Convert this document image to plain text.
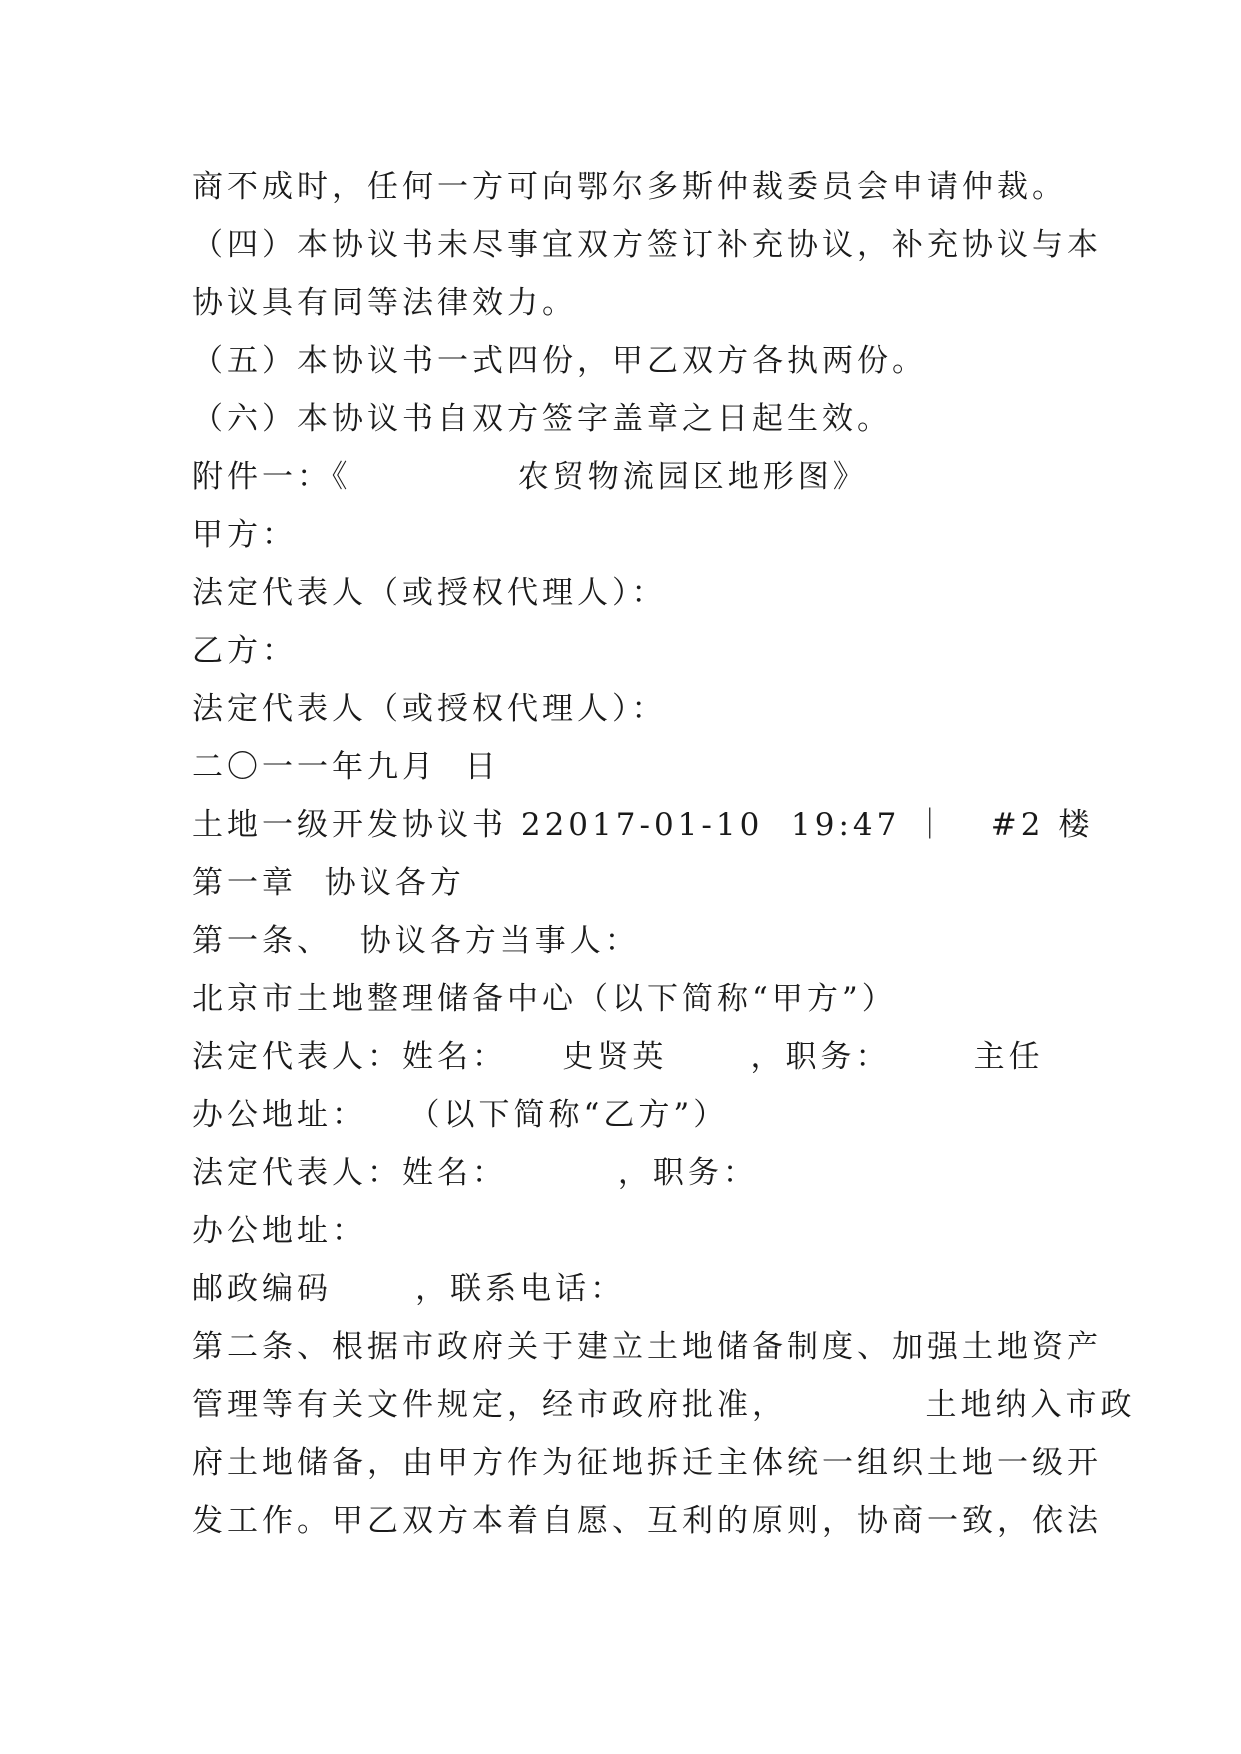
商不成时，任何一方可向鄂尔多斯仲裁委员会申请仲裁。
（四）本协议书未尽事宜双方签订补充协议，补充协议与本
协议具有同等法律效力。
（五）本协议书一式四份，甲乙双方各执两份。
（六）本协议书自双方签字盖章之日起生效。
附件一：《            农贸物流园区地形图》
甲方：
法定代表人（或授权代理人）：
乙方：
法定代表人（或授权代理人）：
二〇一一年九月  日
土地一级开发协议书 22017-01-10  19:47 ｜   #2 楼
第一章  协议各方
第一条、  协议各方当事人：
北京市土地整理储备中心（以下简称“甲方”）
法定代表人：姓名：    史贤英      ，职务：      主任
办公地址：   （以下简称“乙方”）
法定代表人：姓名：        ，职务：
办公地址：
邮政编码      ，联系电话：
第二条、根据市政府关于建立土地储备制度、加强土地资产
管理等有关文件规定，经市政府批准，          土地纳入市政
府土地储备，由甲方作为征地拆迁主体统一组织土地一级开
发工作。甲乙双方本着自愿、互利的原则，协商一致，依法
